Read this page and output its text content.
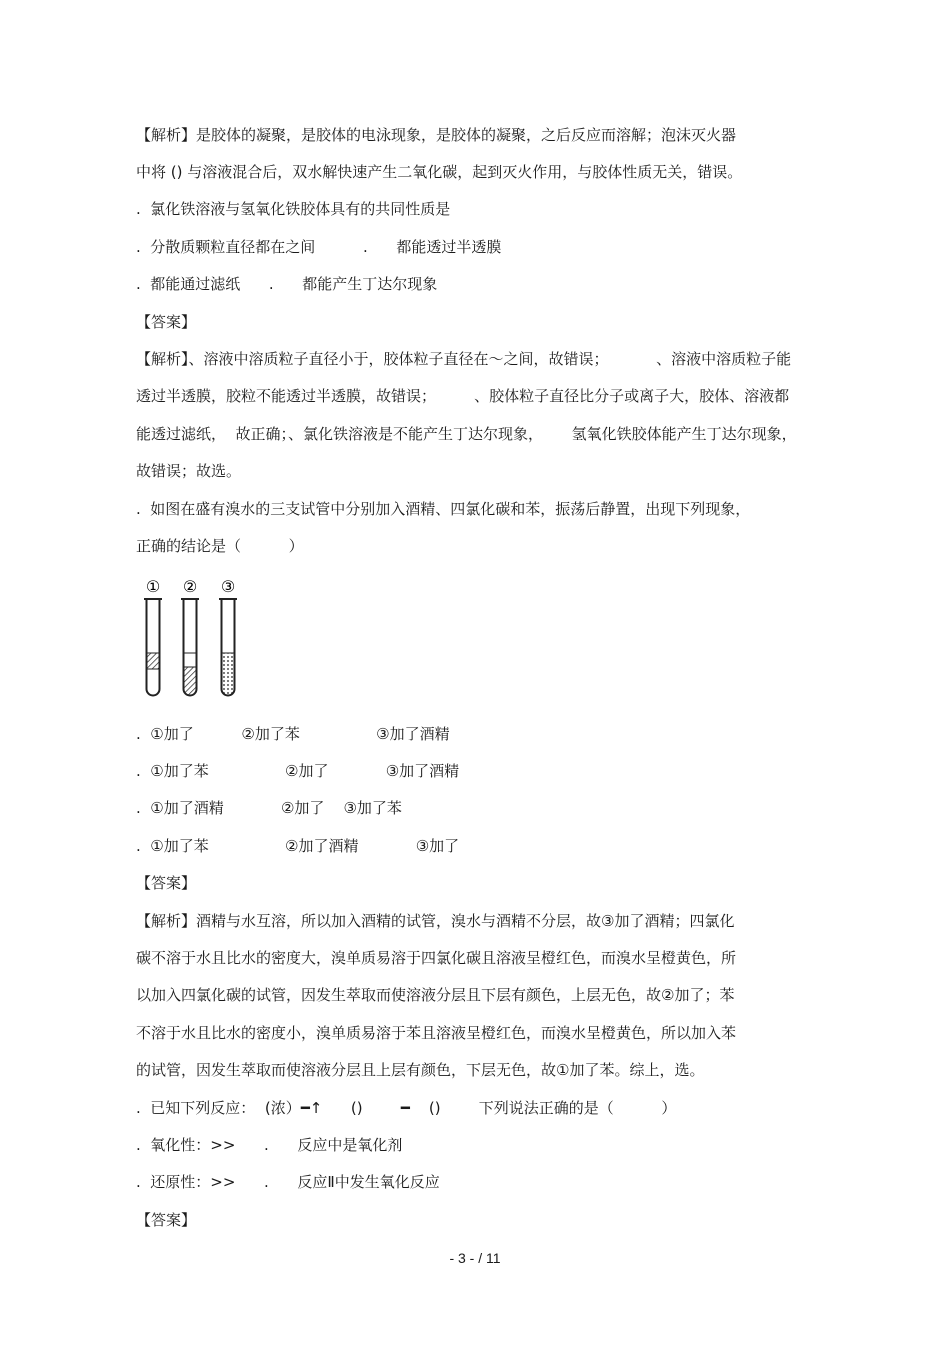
【解析】是胶体的凝聚，是胶体的电泳现象，是胶体的凝聚，之后反应而溶解；泡沫灭火器
中将 () 与溶液混合后，双水解快速产生二氧化碳，起到灭火作用，与胶体性质无关，错误。
.  氯化铁溶液与氢氧化铁胶体具有的共同性质是
.  分散质颗粒直径都在之间          .      都能透过半透膜
.  都能通过滤纸      .      都能产生丁达尔现象
【答案】
【解析】、溶液中溶质粒子直径小于，胶体粒子直径在～之间，故错误；          、溶液中溶质粒子能
透过半透膜，胶粒不能透过半透膜，故错误；        、胶体粒子直径比分子或离子大，胶体、溶液都
能透过滤纸，  故正确；、氯化铁溶液是不能产生丁达尔现象，      氢氧化铁胶体能产生丁达尔现象，
故错误；故选。
.  如图在盛有溴水的三支试管中分别加入酒精、四氯化碳和苯，振荡后静置，出现下列现象，
正确的结论是（          ）
① ② ③
.  ①加了          ②加了苯                ③加了酒精
.  ①加了苯                ②加了            ③加了酒精
.  ①加了酒精            ②加了    ③加了苯
.  ①加了苯                ②加了酒精            ③加了
【答案】
【解析】酒精与水互溶，所以加入酒精的试管，溴水与酒精不分层，故③加了酒精；四氯化
碳不溶于水且比水的密度大，溴单质易溶于四氯化碳且溶液呈橙红色，而溴水呈橙黄色，所
以加入四氯化碳的试管，因发生萃取而使溶液分层且下层有颜色，上层无色，故②加了；苯
不溶于水且比水的密度小，溴单质易溶于苯且溶液呈橙红色，而溴水呈橙黄色，所以加入苯
的试管，因发生萃取而使溶液分层且上层有颜色，下层无色，故①加了苯。综上，选。
.  已知下列反应：  (浓）━↑      ()        ━    ()        下列说法正确的是（          ）
.  氧化性：>>      .      反应中是氧化剂
.  还原性：>>      .      反应Ⅱ中发生氧化反应
【答案】
- 3 - / 11
